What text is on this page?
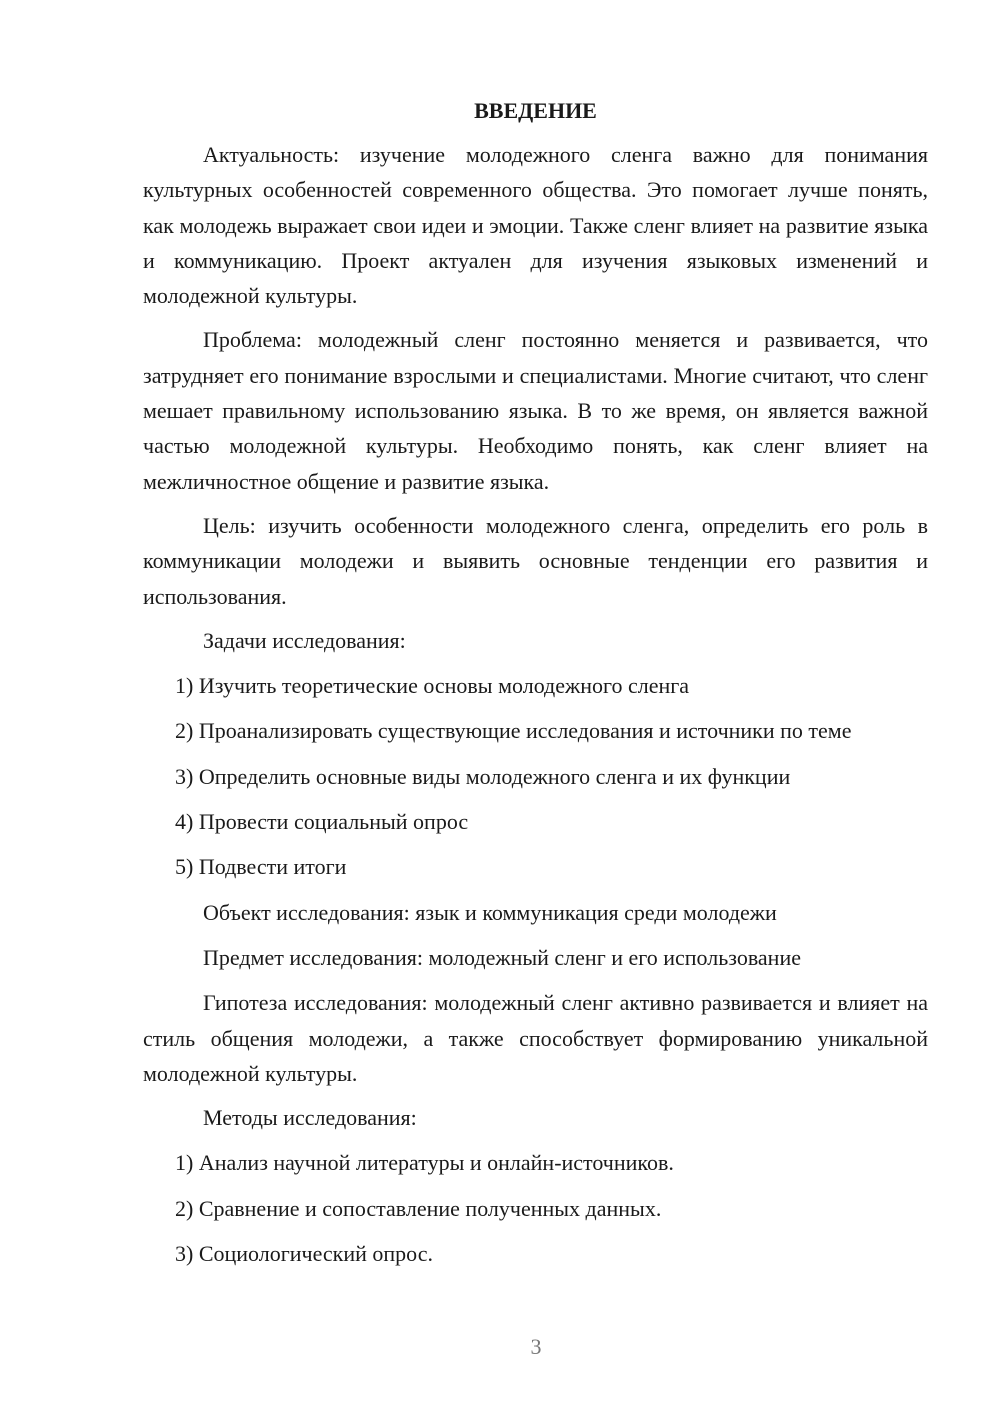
ВВЕДЕНИЕ

Актуальность: изучение молодежного сленга важно для понимания культурных особенностей современного общества. Это помогает лучше понять, как молодежь выражает свои идеи и эмоции. Также сленг влияет на развитие языка и коммуникацию. Проект актуален для изучения языковых изменений и молодежной культуры.

Проблема: молодежный сленг постоянно меняется и развивается, что затрудняет его понимание взрослыми и специалистами. Многие считают, что сленг мешает правильному использованию языка. В то же время, он является важной частью молодежной культуры. Необходимо понять, как сленг влияет на межличностное общение и развитие языка.

Цель: изучить особенности молодежного сленга, определить его роль в коммуникации молодежи и выявить основные тенденции его развития и использования.

Задачи исследования:

1) Изучить теоретические основы молодежного сленга

2) Проанализировать существующие исследования и источники по теме

3) Определить основные виды молодежного сленга и их функции

4) Провести социальный опрос

5) Подвести итоги

Объект исследования: язык и коммуникация среди молодежи

Предмет исследования: молодежный сленг и его использование

Гипотеза исследования: молодежный сленг активно развивается и влияет на стиль общения молодежи, а также способствует формированию уникальной молодежной культуры.

Методы исследования:

1) Анализ научной литературы и онлайн-источников.

2) Сравнение и сопоставление полученных данных.

3) Социологический опрос.

3
